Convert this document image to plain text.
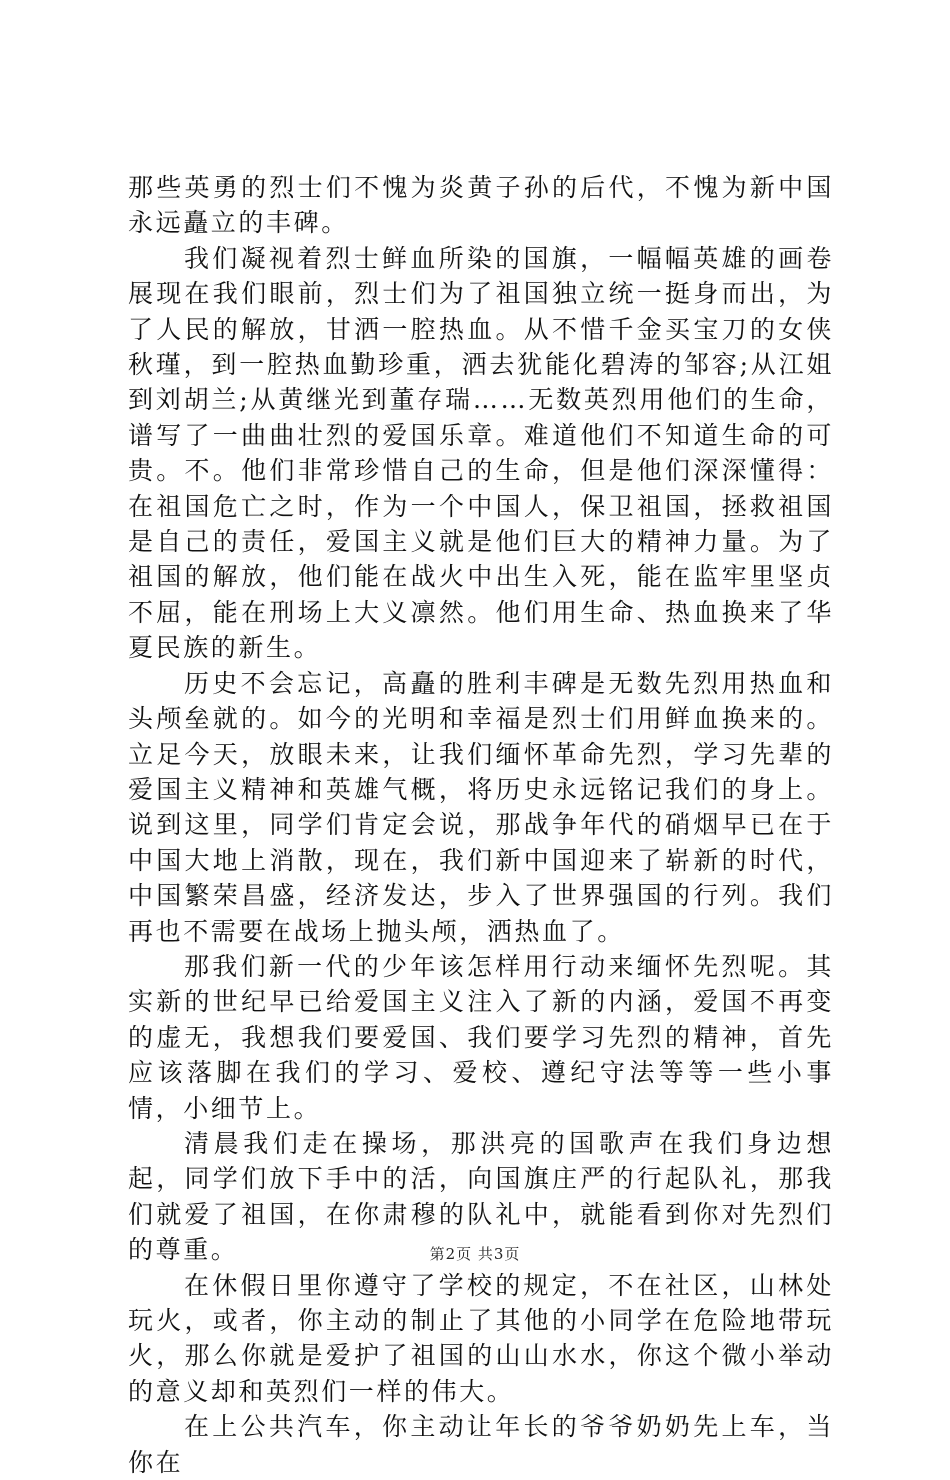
那些英勇的烈士们不愧为炎黄子孙的后代，不愧为新中国永远矗立的丰碑。

我们凝视着烈士鲜血所染的国旗，一幅幅英雄的画卷展现在我们眼前，烈士们为了祖国独立统一挺身而出，为了人民的解放，甘洒一腔热血。从不惜千金买宝刀的女侠秋瑾，到一腔热血勤珍重，洒去犹能化碧涛的邹容;从江姐到刘胡兰;从黄继光到董存瑞……无数英烈用他们的生命，谱写了一曲曲壮烈的爱国乐章。难道他们不知道生命的可贵。不。他们非常珍惜自己的生命，但是他们深深懂得：在祖国危亡之时，作为一个中国人，保卫祖国，拯救祖国是自己的责任，爱国主义就是他们巨大的精神力量。为了祖国的解放，他们能在战火中出生入死，能在监牢里坚贞不屈，能在刑场上大义凛然。他们用生命、热血换来了华夏民族的新生。

历史不会忘记，高矗的胜利丰碑是无数先烈用热血和头颅垒就的。如今的光明和幸福是烈士们用鲜血换来的。立足今天，放眼未来，让我们缅怀革命先烈，学习先辈的爱国主义精神和英雄气概，将历史永远铭记我们的身上。说到这里，同学们肯定会说，那战争年代的硝烟早已在于中国大地上消散，现在，我们新中国迎来了崭新的时代，中国繁荣昌盛，经济发达，步入了世界强国的行列。我们再也不需要在战场上抛头颅，洒热血了。

那我们新一代的少年该怎样用行动来缅怀先烈呢。其实新的世纪早已给爱国主义注入了新的内涵，爱国不再变的虚无，我想我们要爱国、我们要学习先烈的精神，首先应该落脚在我们的学习、爱校、遵纪守法等等一些小事情，小细节上。

清晨我们走在操场，那洪亮的国歌声在我们身边想起，同学们放下手中的活，向国旗庄严的行起队礼，那我们就爱了祖国，在你肃穆的队礼中，就能看到你对先烈们的尊重。

在休假日里你遵守了学校的规定，不在社区，山林处玩火，或者，你主动的制止了其他的小同学在危险地带玩火，那么你就是爱护了祖国的山山水水，你这个微小举动的意义却和英烈们一样的伟大。

在上公共汽车，你主动让年长的爷爷奶奶先上车，当你在

第2页 共3页
